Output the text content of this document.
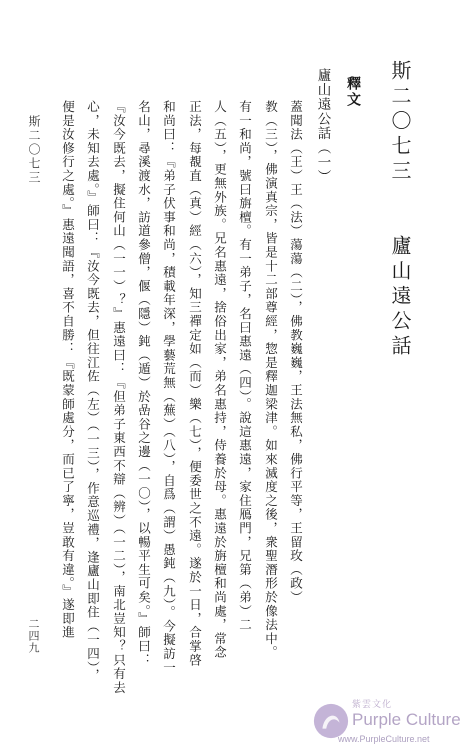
斯二〇七三　　廬山遠公話
釋文
廬山遠公話（一）
蓋聞法（王）王（法）蕩蕩（二），佛教巍巍，王法無私，佛行平等，王留玫（政）
教（三），佛演真宗，皆是十二部尊經，惣是釋迦梁津。如來滅度之後，衆聖潛形於像法中。
有一和尚，號曰旃檀。有一弟子，名曰惠遠（四）。說這惠遠，家住鴈門，兄第（弟）二
人（五），更無外族。兄名惠遠，捨俗出家，弟名惠持，侍養於母。惠遠於旃檀和尚處，常念
正法，每覩直（真）經（六），知三禪定如（而）樂（七），便委世之不遠。遂於一日，合掌啓
和尚曰：『弟子伏事和尚，積載年深，學藝荒無（蕪）（八），自爲（謂）愚鈍（九）。今擬訪一
名山，尋溪渡水，訪道參僧，偃（隱）鈍（遁）於嵒谷之邊（一〇），以暢平生可矣。』師曰：
『汝今既去，擬住何山（一一）？』惠遠曰：『但弟子東西不辯（辨）（一二），南北豈知？只有去
心，未知去處。』師曰：『汝今既去，但往江佐（左）（一三），作意巡禮，逢廬山即住（一四），
便是汝修行之處。』惠遠聞語，喜不自勝：『既蒙師處分，而已了寧，豈敢有違。』遂即進
斯二〇七三
二四九
紫雲文化
Purple Culture
www.PurpleCulture.net
